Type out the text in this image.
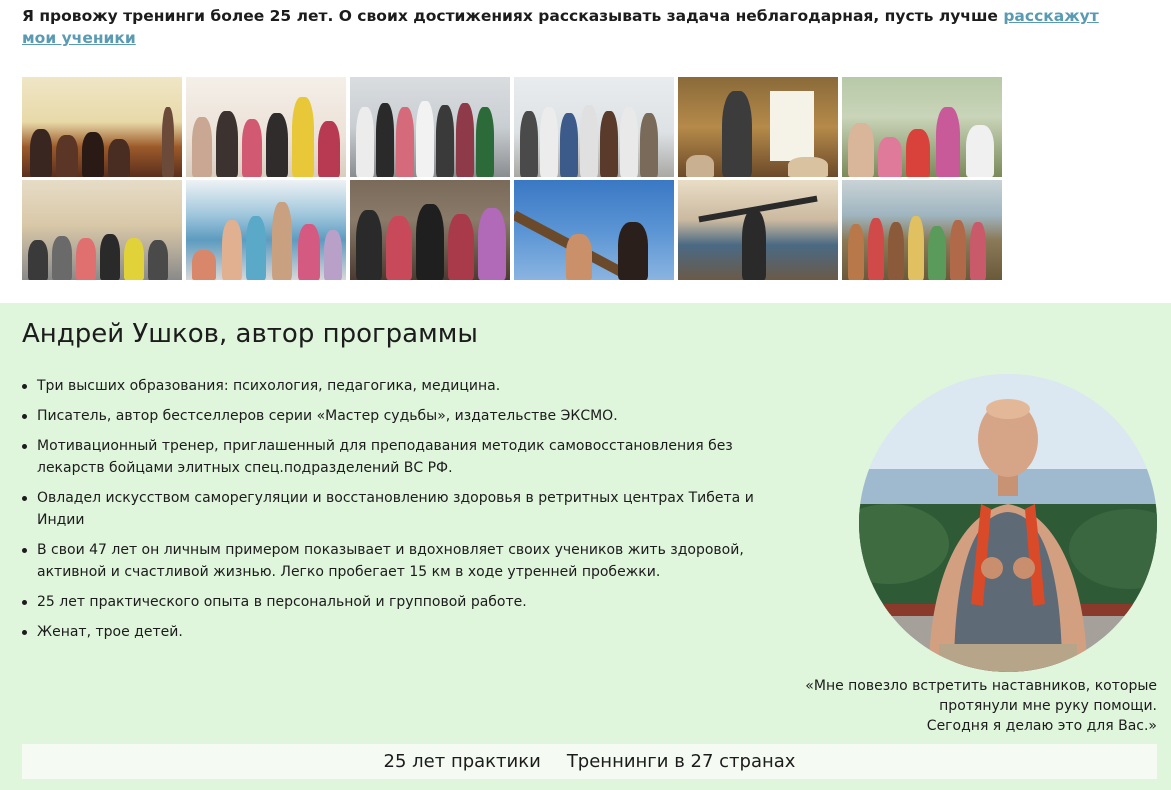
Я провожу тренинги более 25 лет. О своих достижениях рассказывать задача неблагодарная, пусть лучше расскажут мои ученики

Андрей Ушков, автор программы
Три высших образования: психология, педагогика, медицина.
Писатель, автор бестселлеров серии «Мастер судьбы», издательстве ЭКСМО.
Мотивационный тренер, приглашенный для преподавания методик самовосстановления без лекарств бойцами элитных спец.подразделений ВС РФ.
Овладел искусством саморегуляции и восстановлению здоровья в ретритных центрах Тибета и Индии
В свои 47 лет он личным примером показывает и вдохновляет своих учеников жить здоровой, активной и счастливой жизнью. Легко пробегает 15 км в ходе утренней пробежки.
25 лет практического опыта в персональной и групповой работе.
Женат, трое детей.
«Мне повезло встретить наставников, которые
протянули мне руку помощи.
Сегодня я делаю это для Вас.»
25 лет практики Треннинги в 27 странах
